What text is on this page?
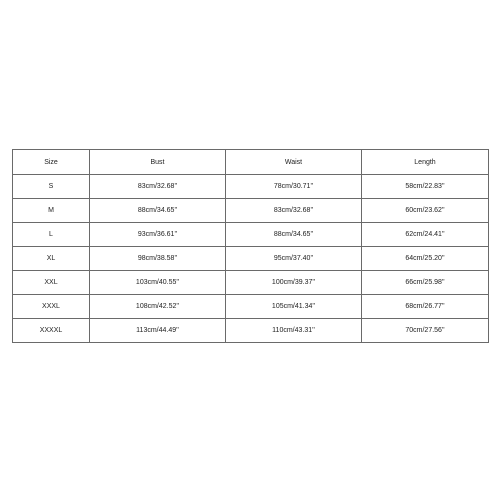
Size	Bust	Waist	Length
S	83cm/32.68''	78cm/30.71''	58cm/22.83''
M	88cm/34.65''	83cm/32.68''	60cm/23.62''
L	93cm/36.61''	88cm/34.65''	62cm/24.41''
XL	98cm/38.58''	95cm/37.40''	64cm/25.20''
XXL	103cm/40.55''	100cm/39.37''	66cm/25.98''
XXXL	108cm/42.52''	105cm/41.34''	68cm/26.77''
XXXXL	113cm/44.49''	110cm/43.31''	70cm/27.56''
